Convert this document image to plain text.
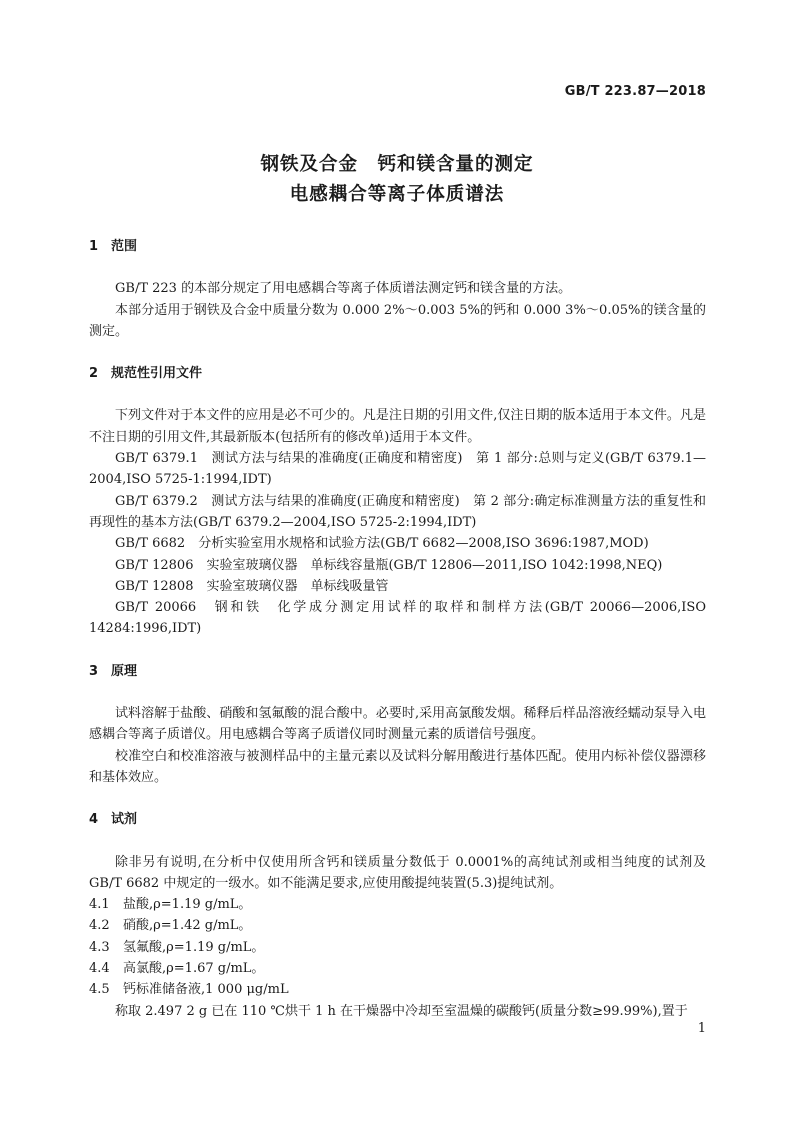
GB/T 223.87—2018
钢铁及合金　钙和镁含量的测定
电感耦合等离子体质谱法
1 范围

GB/T 223 的本部分规定了用电感耦合等离子体质谱法测定钙和镁含量的方法。

本部分适用于钢铁及合金中质量分数为 0.000 2%～0.003 5%的钙和 0.000 3%～0.05%的镁含量的测定。

2 规范性引用文件

下列文件对于本文件的应用是必不可少的。凡是注日期的引用文件,仅注日期的版本适用于本文件。凡是不注日期的引用文件,其最新版本(包括所有的修改单)适用于本文件。

GB/T 6379.1　测试方法与结果的准确度(正确度和精密度)　第 1 部分:总则与定义(GB/T 6379.1—2004,ISO 5725-1:1994,IDT)

GB/T 6379.2　测试方法与结果的准确度(正确度和精密度)　第 2 部分:确定标准测量方法的重复性和再现性的基本方法(GB/T 6379.2—2004,ISO 5725-2:1994,IDT)

GB/T 6682　分析实验室用水规格和试验方法(GB/T 6682—2008,ISO 3696:1987,MOD)

GB/T 12806　实验室玻璃仪器　单标线容量瓶(GB/T 12806—2011,ISO 1042:1998,NEQ)

GB/T 12808　实验室玻璃仪器　单标线吸量管

GB/T 20066　钢和铁　化学成分测定用试样的取样和制样方法(GB/T 20066—2006,ISO 14284:1996,IDT)

3 原理

试料溶解于盐酸、硝酸和氢氟酸的混合酸中。必要时,采用高氯酸发烟。稀释后样品溶液经蠕动泵导入电感耦合等离子质谱仪。用电感耦合等离子质谱仪同时测量元素的质谱信号强度。

校准空白和校准溶液与被测样品中的主量元素以及试料分解用酸进行基体匹配。使用内标补偿仪器漂移和基体效应。

4 试剂

除非另有说明,在分析中仅使用所含钙和镁质量分数低于 0.0001%的高纯试剂或相当纯度的试剂及 GB/T 6682 中规定的一级水。如不能满足要求,应使用酸提纯装置(5.3)提纯试剂。

4.1	盐酸,ρ=1.19 g/mL。
4.2	硝酸,ρ=1.42 g/mL。
4.3	氢氟酸,ρ=1.19 g/mL。
4.4	高氯酸,ρ=1.67 g/mL。
4.5	钙标准储备液,1 000 μg/mL

称取 2.497 2 g 已在 110 ℃烘干 1 h 在干燥器中冷却至室温燥的碳酸钙(质量分数≥99.99%),置于

1
